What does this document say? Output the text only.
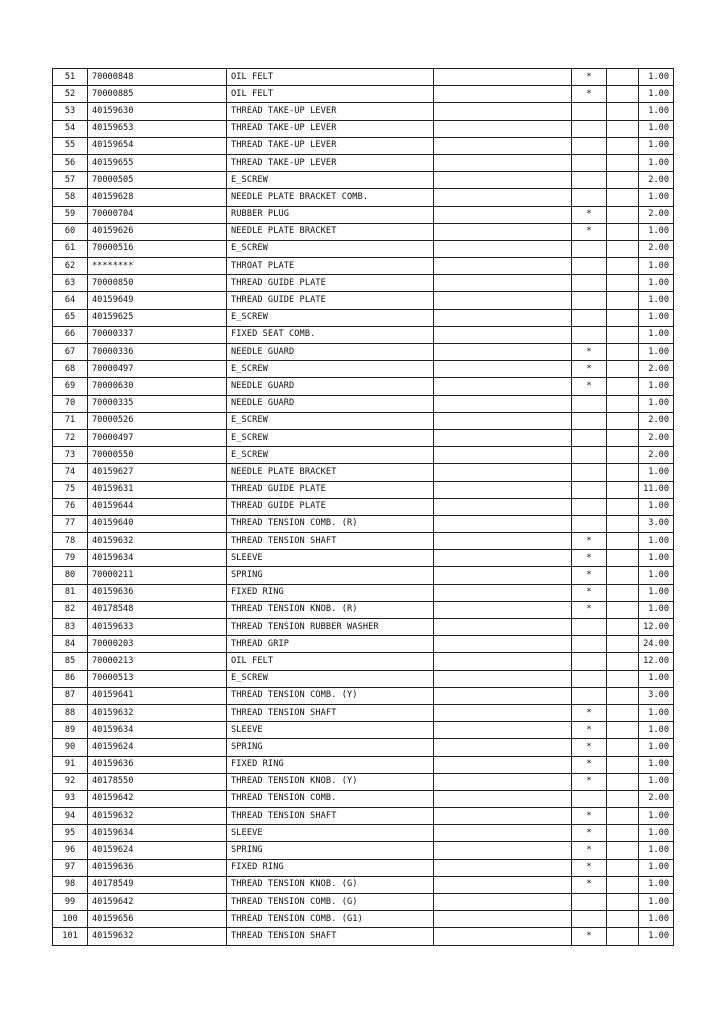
51	70000848	OIL FELT		*		1.00
52	70000885	OIL FELT		*		1.00
53	40159630	THREAD TAKE-UP LEVER				1.00
54	40159653	THREAD TAKE-UP LEVER				1.00
55	40159654	THREAD TAKE-UP LEVER				1.00
56	40159655	THREAD TAKE-UP LEVER				1.00
57	70000505	E_SCREW				2.00
58	40159628	NEEDLE PLATE BRACKET COMB.				1.00
59	70000704	RUBBER PLUG		*		2.00
60	40159626	NEEDLE PLATE BRACKET		*		1.00
61	70000516	E_SCREW				2.00
62	********	THROAT PLATE				1.00
63	70000850	THREAD GUIDE PLATE				1.00
64	40159649	THREAD GUIDE PLATE				1.00
65	40159625	E_SCREW				1.00
66	70000337	FIXED SEAT COMB.				1.00
67	70000336	NEEDLE GUARD		*		1.00
68	70000497	E_SCREW		*		2.00
69	70000630	NEEDLE GUARD		*		1.00
70	70000335	NEEDLE GUARD				1.00
71	70000526	E_SCREW				2.00
72	70000497	E_SCREW				2.00
73	70000550	E_SCREW				2.00
74	40159627	NEEDLE PLATE BRACKET				1.00
75	40159631	THREAD GUIDE PLATE				11.00
76	40159644	THREAD GUIDE PLATE				1.00
77	40159640	THREAD TENSION COMB. (R)				3.00
78	40159632	THREAD TENSION SHAFT		*		1.00
79	40159634	SLEEVE		*		1.00
80	70000211	SPRING		*		1.00
81	40159636	FIXED RING		*		1.00
82	40178548	THREAD TENSION KNOB. (R)		*		1.00
83	40159633	THREAD TENSION RUBBER WASHER				12.00
84	70000203	THREAD GRIP				24.00
85	70000213	OIL FELT				12.00
86	70000513	E_SCREW				1.00
87	40159641	THREAD TENSION COMB. (Y)				3.00
88	40159632	THREAD TENSION SHAFT		*		1.00
89	40159634	SLEEVE		*		1.00
90	40159624	SPRING		*		1.00
91	40159636	FIXED RING		*		1.00
92	40178550	THREAD TENSION KNOB. (Y)		*		1.00
93	40159642	THREAD TENSION COMB.				2.00
94	40159632	THREAD TENSION SHAFT		*		1.00
95	40159634	SLEEVE		*		1.00
96	40159624	SPRING		*		1.00
97	40159636	FIXED RING		*		1.00
98	40178549	THREAD TENSION KNOB. (G)		*		1.00
99	40159642	THREAD TENSION COMB. (G)				1.00
100	40159656	THREAD TENSION COMB. (G1)				1.00
101	40159632	THREAD TENSION SHAFT		*		1.00
